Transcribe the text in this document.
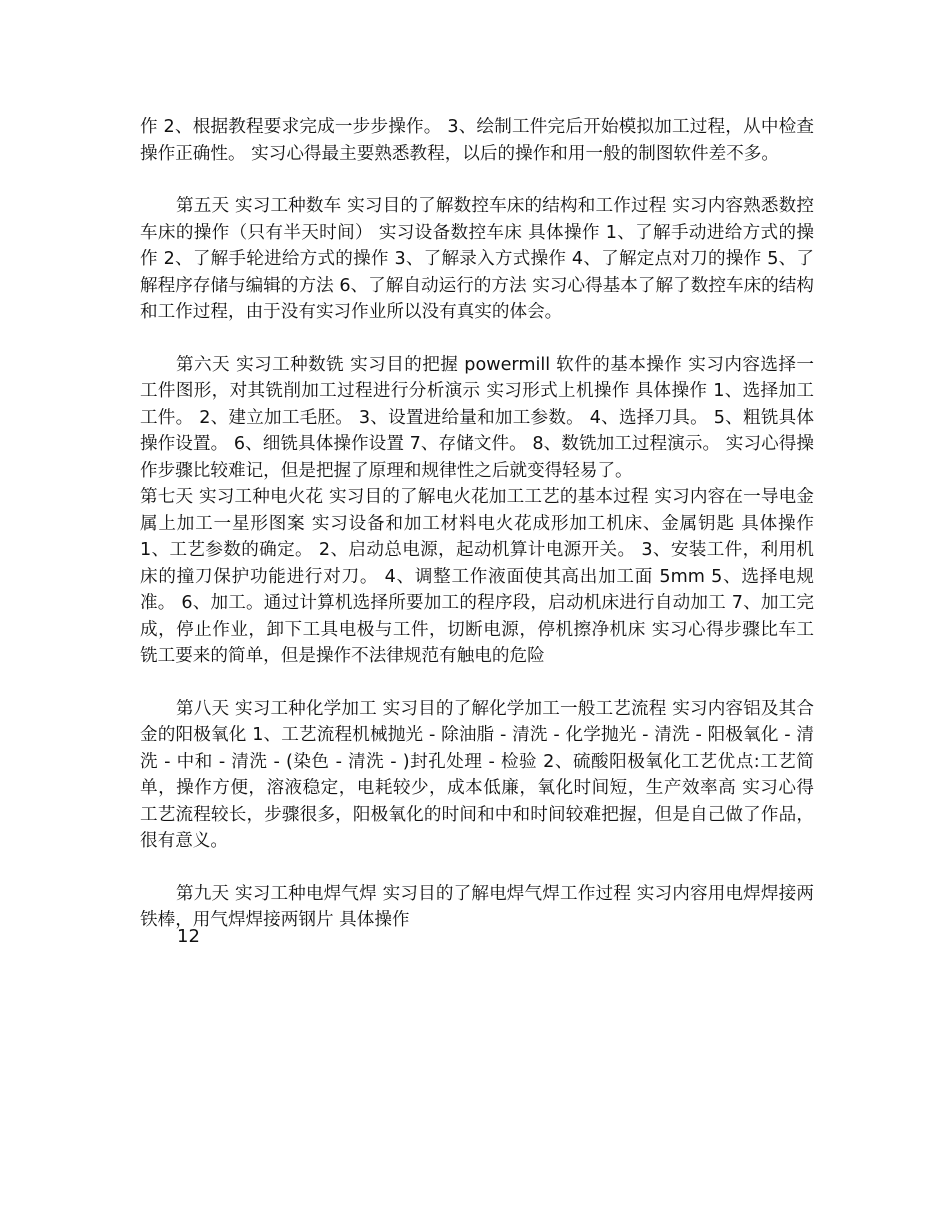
作 2、根据教程要求完成一步步操作。 3、绘制工件完后开始模拟加工过程，从中检查操作正确性。 实习心得最主要熟悉教程，以后的操作和用一般的制图软件差不多。

第五天 实习工种数车 实习目的了解数控车床的结构和工作过程 实习内容熟悉数控车床的操作（只有半天时间） 实习设备数控车床 具体操作 1、了解手动进给方式的操作 2、了解手轮进给方式的操作 3、了解录入方式操作 4、了解定点对刀的操作 5、了解程序存储与编辑的方法 6、了解自动运行的方法 实习心得基本了解了数控车床的结构和工作过程，由于没有实习作业所以没有真实的体会。

第六天 实习工种数铣 实习目的把握 powermill 软件的基本操作 实习内容选择一工件图形，对其铣削加工过程进行分析演示 实习形式上机操作 具体操作 1、选择加工工件。 2、建立加工毛胚。 3、设置进给量和加工参数。 4、选择刀具。 5、粗铣具体操作设置。 6、细铣具体操作设置 7、存储文件。 8、数铣加工过程演示。 实习心得操作步骤比较难记，但是把握了原理和规律性之后就变得轻易了。

第七天 实习工种电火花 实习目的了解电火花加工工艺的基本过程 实习内容在一导电金属上加工一星形图案 实习设备和加工材料电火花成形加工机床、金属钥匙 具体操作 1、工艺参数的确定。 2、启动总电源，起动机算计电源开关。 3、安装工件，利用机床的撞刀保护功能进行对刀。 4、调整工作液面使其高出加工面 5mm 5、选择电规准。 6、加工。通过计算机选择所要加工的程序段，启动机床进行自动加工 7、加工完成，停止作业，卸下工具电极与工件，切断电源，停机擦净机床 实习心得步骤比车工铣工要来的简单，但是操作不法律规范有触电的危险

第八天 实习工种化学加工 实习目的了解化学加工一般工艺流程 实习内容铝及其合金的阳极氧化 1、工艺流程机械抛光 - 除油脂 - 清洗 - 化学抛光 - 清洗 - 阳极氧化 - 清洗 - 中和 - 清洗 - (染色 - 清洗 - )封孔处理 - 检验 2、硫酸阳极氧化工艺优点:工艺简单，操作方便，溶液稳定，电耗较少，成本低廉，氧化时间短，生产效率高 实习心得工艺流程较长，步骤很多，阳极氧化的时间和中和时间较难把握，但是自己做了作品，很有意义。

第九天 实习工种电焊气焊 实习目的了解电焊气焊工作过程 实习内容用电焊焊接两铁棒，用气焊焊接两钢片 具体操作

12
